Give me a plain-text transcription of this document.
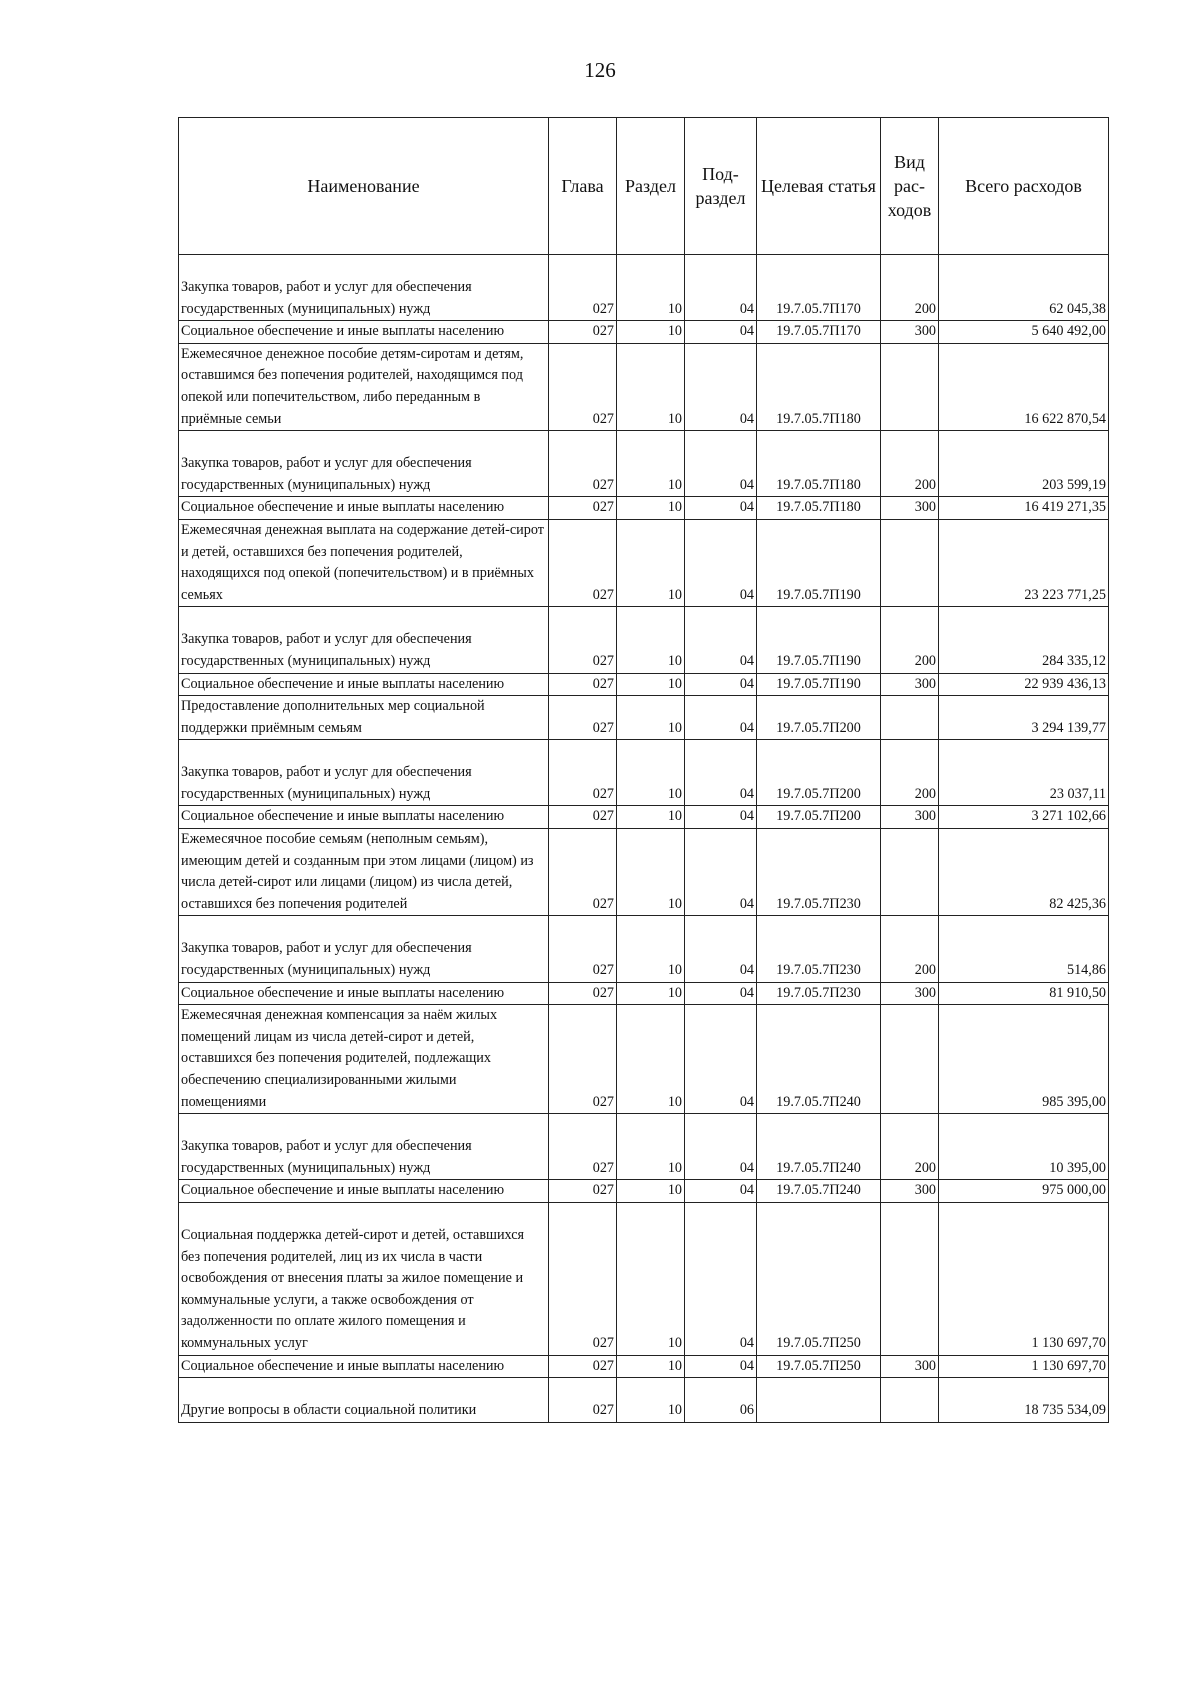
126
Наименование	Глава	Раздел	Под-раздел	Целевая статья	Вид рас-ходов	Всего расходов
Закупка товаров, работ и услуг для обеспечения государственных (муниципальных) нужд	027	10	04	19.7.05.7П170	200	62 045,38
Социальное обеспечение и иные выплаты населению	027	10	04	19.7.05.7П170	300	5 640 492,00
Ежемесячное денежное пособие детям-сиротам и детям, оставшимся без попечения родителей, находящимся под опекой или попечительством, либо переданным в приёмные семьи	027	10	04	19.7.05.7П180		16 622 870,54
Закупка товаров, работ и услуг для обеспечения государственных (муниципальных) нужд	027	10	04	19.7.05.7П180	200	203 599,19
Социальное обеспечение и иные выплаты населению	027	10	04	19.7.05.7П180	300	16 419 271,35
Ежемесячная денежная выплата на содержание детей-сирот и детей, оставшихся без попечения родителей, находящихся под опекой (попечительством) и в приёмных семьях	027	10	04	19.7.05.7П190		23 223 771,25
Закупка товаров, работ и услуг для обеспечения государственных (муниципальных) нужд	027	10	04	19.7.05.7П190	200	284 335,12
Социальное обеспечение и иные выплаты населению	027	10	04	19.7.05.7П190	300	22 939 436,13
Предоставление дополнительных мер социальной поддержки приёмным семьям	027	10	04	19.7.05.7П200		3 294 139,77
Закупка товаров, работ и услуг для обеспечения государственных (муниципальных) нужд	027	10	04	19.7.05.7П200	200	23 037,11
Социальное обеспечение и иные выплаты населению	027	10	04	19.7.05.7П200	300	3 271 102,66
Ежемесячное пособие семьям (неполным семьям), имеющим детей и созданным при этом лицами (лицом) из числа детей-сирот или лицами (лицом) из числа детей, оставшихся без попечения родителей	027	10	04	19.7.05.7П230		82 425,36
Закупка товаров, работ и услуг для обеспечения государственных (муниципальных) нужд	027	10	04	19.7.05.7П230	200	514,86
Социальное обеспечение и иные выплаты населению	027	10	04	19.7.05.7П230	300	81 910,50
Ежемесячная денежная компенсация за наём жилых помещений лицам из числа детей-сирот и детей, оставшихся без попечения родителей, подлежащих обеспечению специализированными жилыми помещениями	027	10	04	19.7.05.7П240		985 395,00
Закупка товаров, работ и услуг для обеспечения государственных (муниципальных) нужд	027	10	04	19.7.05.7П240	200	10 395,00
Социальное обеспечение и иные выплаты населению	027	10	04	19.7.05.7П240	300	975 000,00
Социальная поддержка детей-сирот и детей, оставшихся без попечения родителей, лиц из их числа в части освобождения от внесения платы за жилое помещение и коммунальные услуги, а также освобождения от задолженности по оплате жилого помещения и коммунальных услуг	027	10	04	19.7.05.7П250		1 130 697,70
Социальное обеспечение и иные выплаты населению	027	10	04	19.7.05.7П250	300	1 130 697,70
Другие вопросы в области социальной политики	027	10	06			18 735 534,09
